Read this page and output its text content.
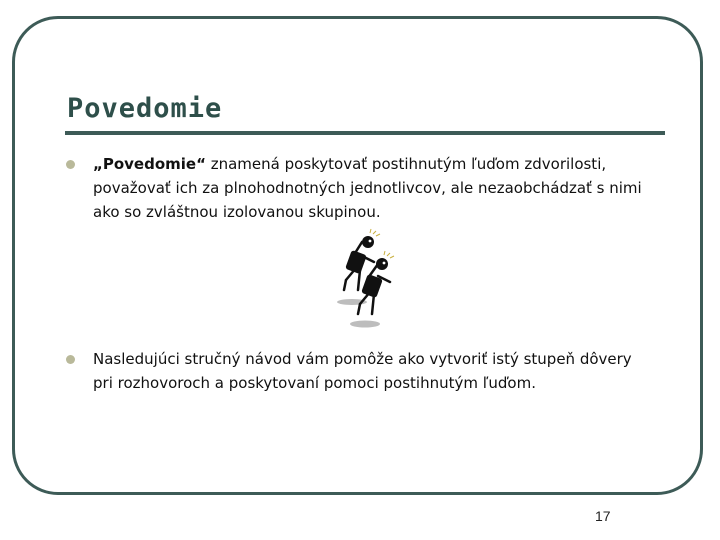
Povedomie
„Povedomie“ znamená poskytovať postihnutým ľuďom zdvorilosti, považovať ich za plnohodnotných jednotlivcov, ale nezaobchádzať s nimi ako so zvláštnou izolovanou skupinou.
Nasledujúci stručný návod vám pomôže ako vytvoriť istý stupeň dôvery pri rozhovoroch a poskytovaní pomoci postihnutým ľuďom.
17
